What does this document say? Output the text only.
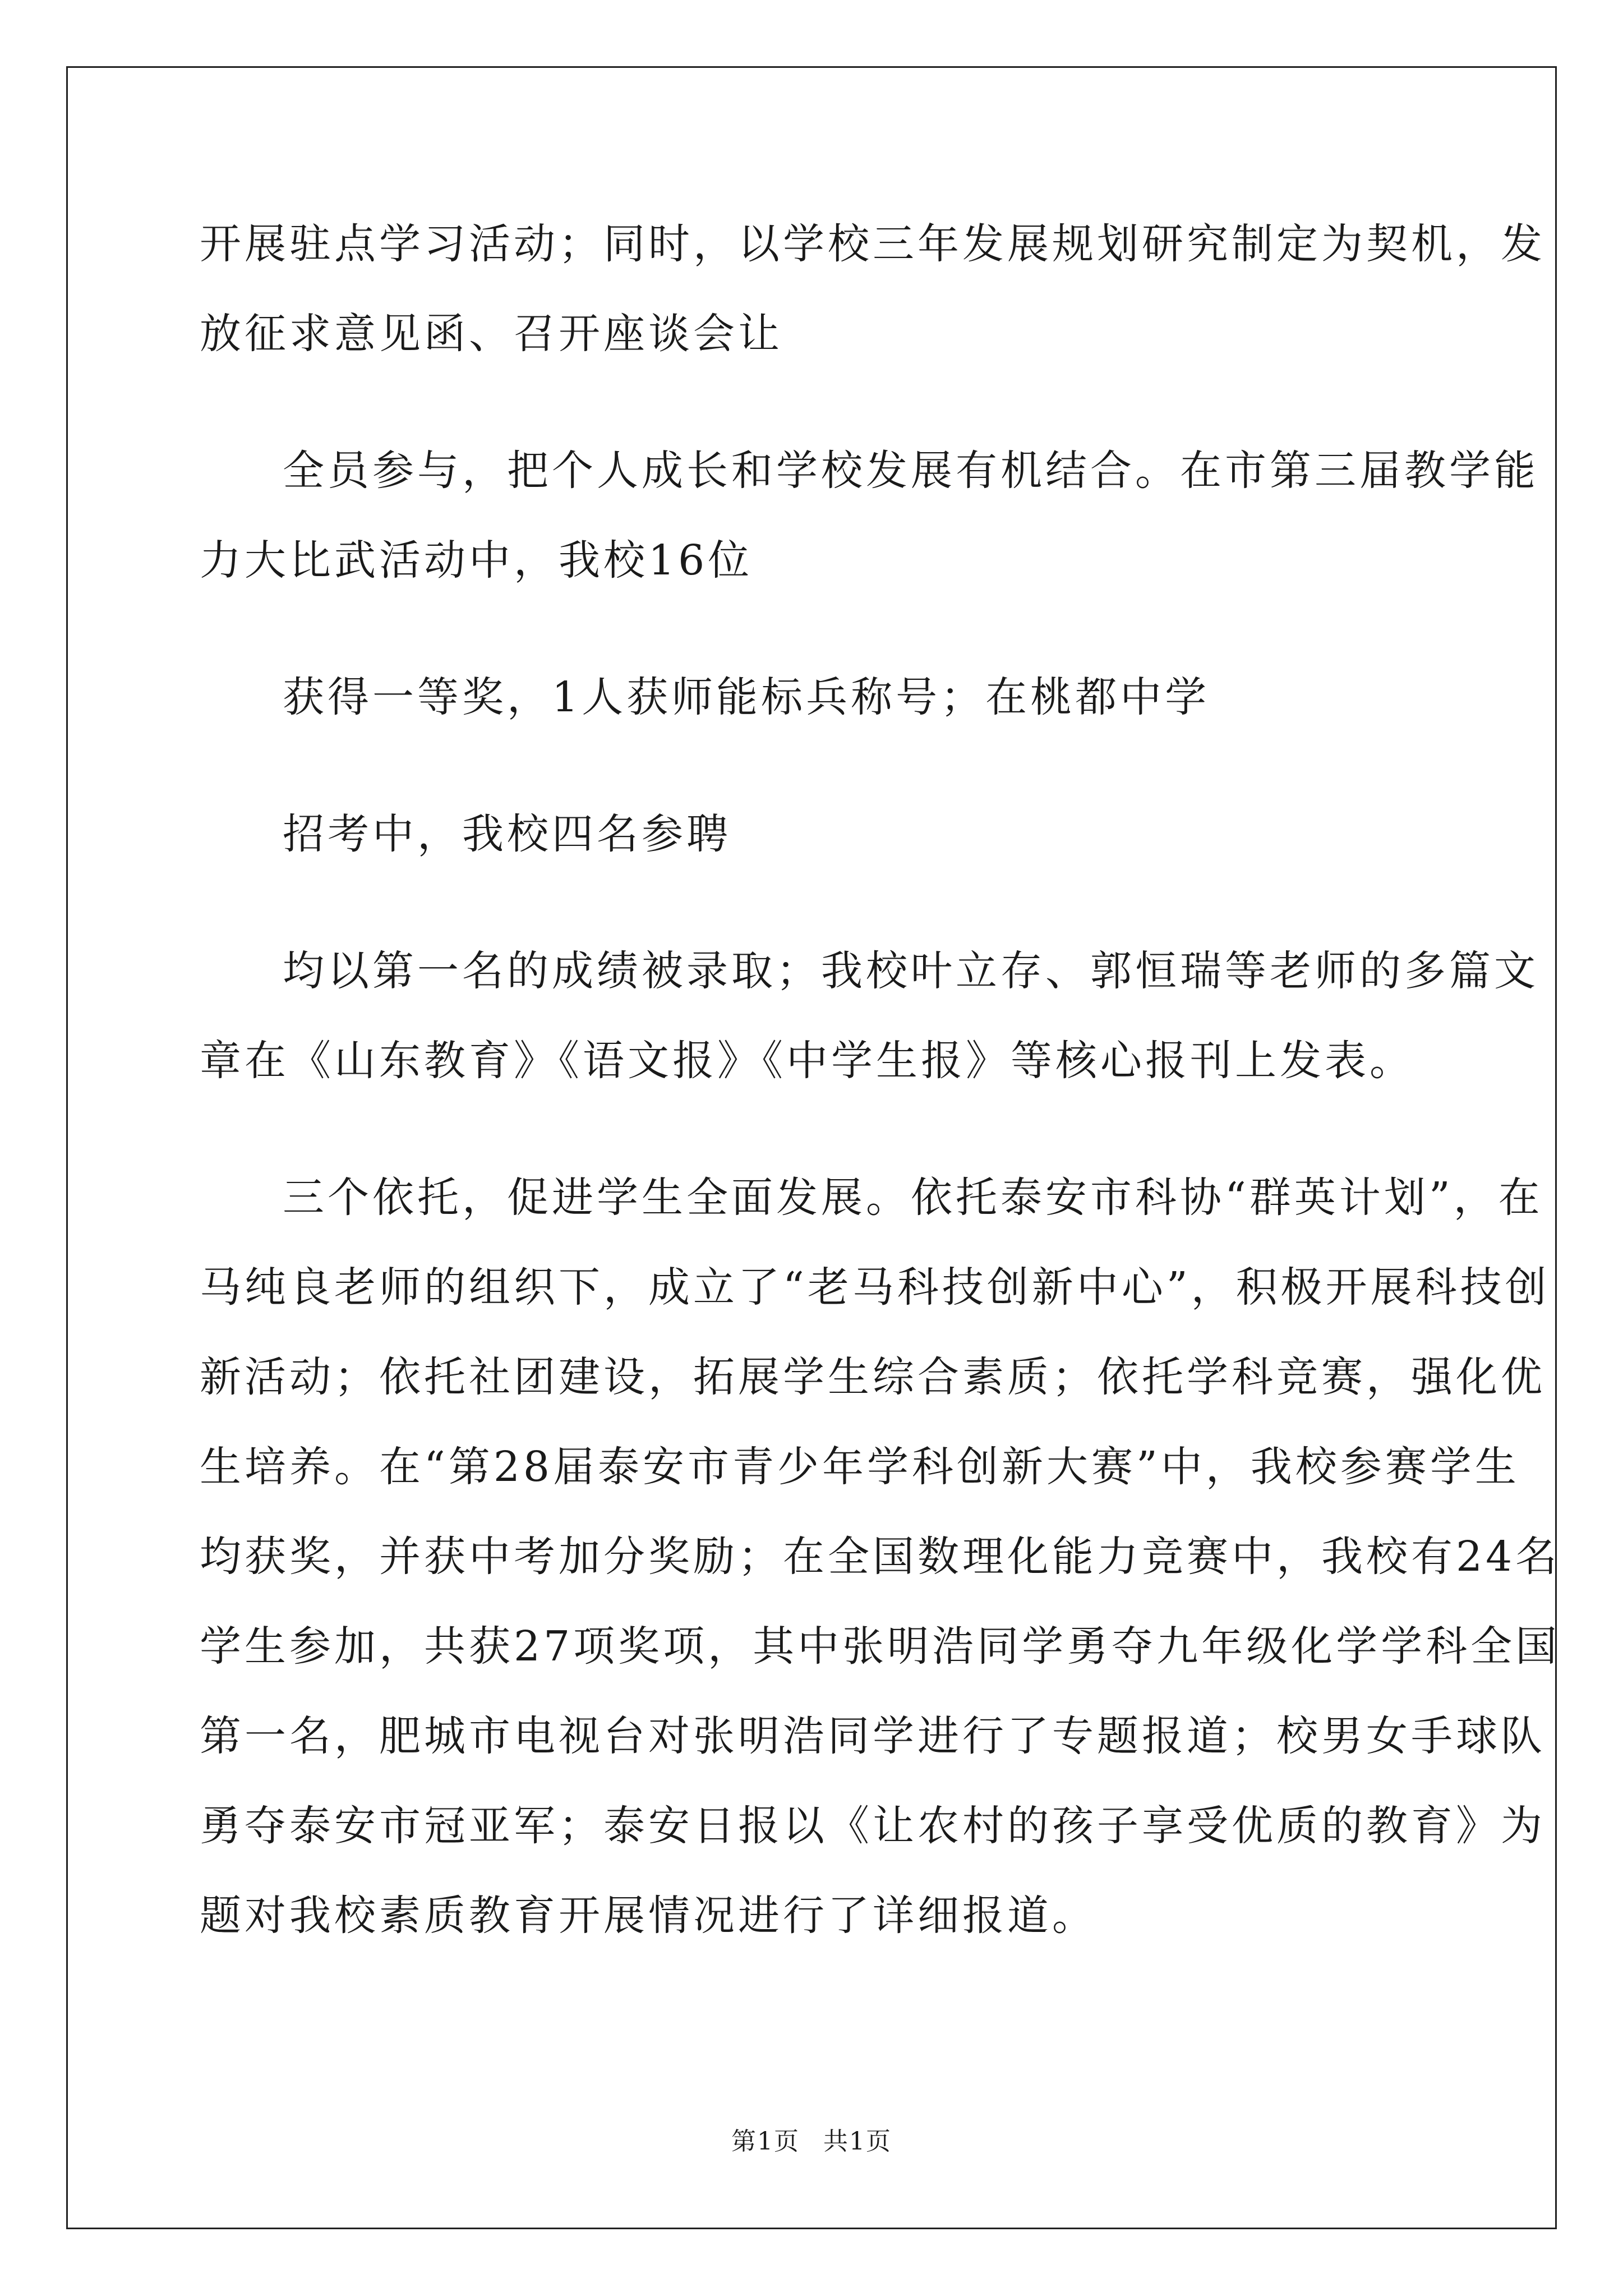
开展驻点学习活动；同时，以学校三年发展规划研究制定为契机，发
放征求意见函、召开座谈会让
全员参与，把个人成长和学校发展有机结合。在市第三届教学能
力大比武活动中，我校16位
获得一等奖，1人获师能标兵称号；在桃都中学
招考中，我校四名参聘
均以第一名的成绩被录取；我校叶立存、郭恒瑞等老师的多篇文
章在《山东教育》《语文报》《中学生报》等核心报刊上发表。
三个依托，促进学生全面发展。依托泰安市科协“群英计划”，在
马纯良老师的组织下，成立了“老马科技创新中心”，积极开展科技创
新活动；依托社团建设，拓展学生综合素质；依托学科竞赛，强化优
生培养。在“第28届泰安市青少年学科创新大赛”中，我校参赛学生
均获奖，并获中考加分奖励；在全国数理化能力竞赛中，我校有24名
学生参加，共获27项奖项，其中张明浩同学勇夺九年级化学学科全国
第一名，肥城市电视台对张明浩同学进行了专题报道；校男女手球队
勇夺泰安市冠亚军；泰安日报以《让农村的孩子享受优质的教育》为
题对我校素质教育开展情况进行了详细报道。
第1页 共1页
